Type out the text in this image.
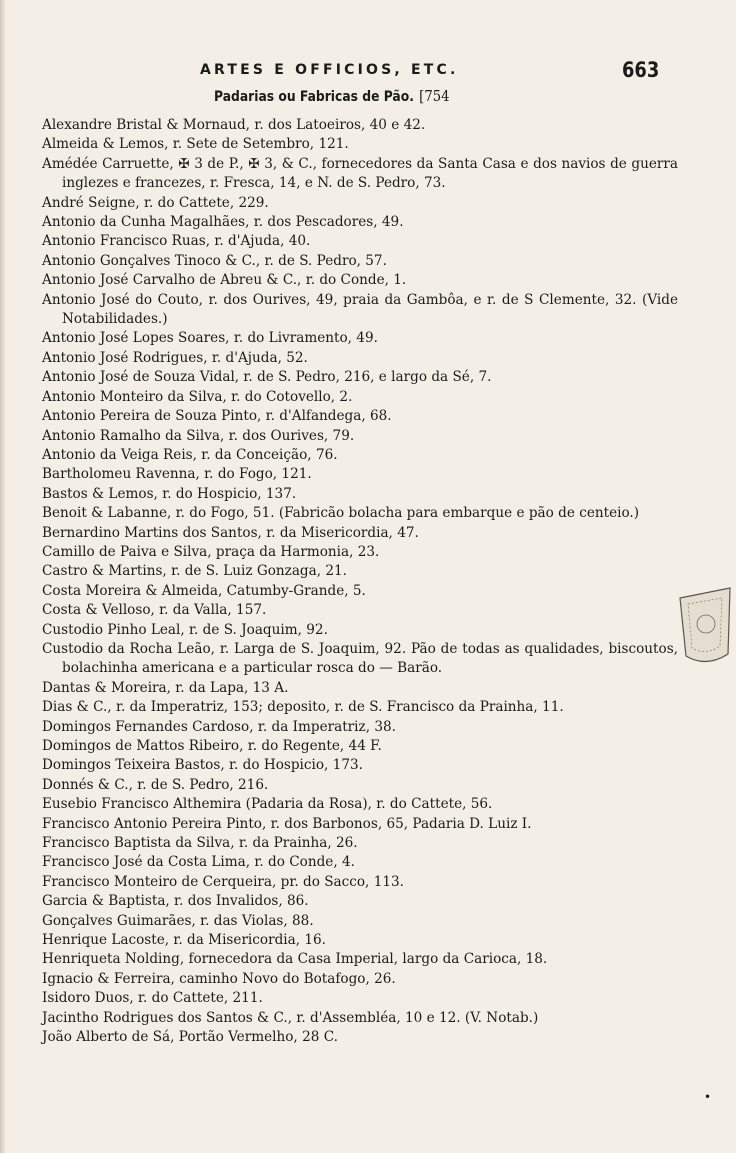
ARTES E OFFICIOS, ETC.	663
Padarias ou Fabricas de Pão. [754
Alexandre Bristal & Mornaud, r. dos Latoeiros, 40 e 42.
Almeida & Lemos, r. Sete de Setembro, 121.
Amédée Carruette, ✠ 3 de P., ✠ 3, & C., fornecedores da Santa Casa e dos navios de guerra inglezes e francezes, r. Fresca, 14, e N. de S. Pedro, 73.
André Seigne, r. do Cattete, 229.
Antonio da Cunha Magalhães, r. dos Pescadores, 49.
Antonio Francisco Ruas, r. d'Ajuda, 40.
Antonio Gonçalves Tinoco & C., r. de S. Pedro, 57.
Antonio José Carvalho de Abreu & C., r. do Conde, 1.
Antonio José do Couto, r. dos Ourives, 49, praia da Gambôa, e r. de S Clemente, 32. (Vide Notabilidades.)
Antonio José Lopes Soares, r. do Livramento, 49.
Antonio José Rodrigues, r. d'Ajuda, 52.
Antonio José de Souza Vidal, r. de S. Pedro, 216, e largo da Sé, 7.
Antonio Monteiro da Silva, r. do Cotovello, 2.
Antonio Pereira de Souza Pinto, r. d'Alfandega, 68.
Antonio Ramalho da Silva, r. dos Ourives, 79.
Antonio da Veiga Reis, r. da Conceição, 76.
Bartholomeu Ravenna, r. do Fogo, 121.
Bastos & Lemos, r. do Hospicio, 137.
Benoit & Labanne, r. do Fogo, 51. (Fabricão bolacha para embarque e pão de centeio.)
Bernardino Martins dos Santos, r. da Misericordia, 47.
Camillo de Paiva e Silva, praça da Harmonia, 23.
Castro & Martins, r. de S. Luiz Gonzaga, 21.
Costa Moreira & Almeida, Catumby-Grande, 5.
Costa & Velloso, r. da Valla, 157.
Custodio Pinho Leal, r. de S. Joaquim, 92.
Custodio da Rocha Leão, r. Larga de S. Joaquim, 92. Pão de todas as qualidades, biscoutos, bolachinha americana e a particular rosca do — Barão.
Dantas & Moreira, r. da Lapa, 13 A.
Dias & C., r. da Imperatriz, 153; deposito, r. de S. Francisco da Prainha, 11.
Domingos Fernandes Cardoso, r. da Imperatriz, 38.
Domingos de Mattos Ribeiro, r. do Regente, 44 F.
Domingos Teixeira Bastos, r. do Hospicio, 173.
Donnés & C., r. de S. Pedro, 216.
Eusebio Francisco Althemira (Padaria da Rosa), r. do Cattete, 56.
Francisco Antonio Pereira Pinto, r. dos Barbonos, 65, Padaria D. Luiz I.
Francisco Baptista da Silva, r. da Prainha, 26.
Francisco José da Costa Lima, r. do Conde, 4.
Francisco Monteiro de Cerqueira, pr. do Sacco, 113.
Garcia & Baptista, r. dos Invalidos, 86.
Gonçalves Guimarães, r. das Violas, 88.
Henrique Lacoste, r. da Misericordia, 16.
Henriqueta Nolding, fornecedora da Casa Imperial, largo da Carioca, 18.
Ignacio & Ferreira, caminho Novo do Botafogo, 26.
Isidoro Duos, r. do Cattete, 211.
Jacintho Rodrigues dos Santos & C., r. d'Assembléa, 10 e 12. (V. Notab.)
João Alberto de Sá, Portão Vermelho, 28 C.
•
